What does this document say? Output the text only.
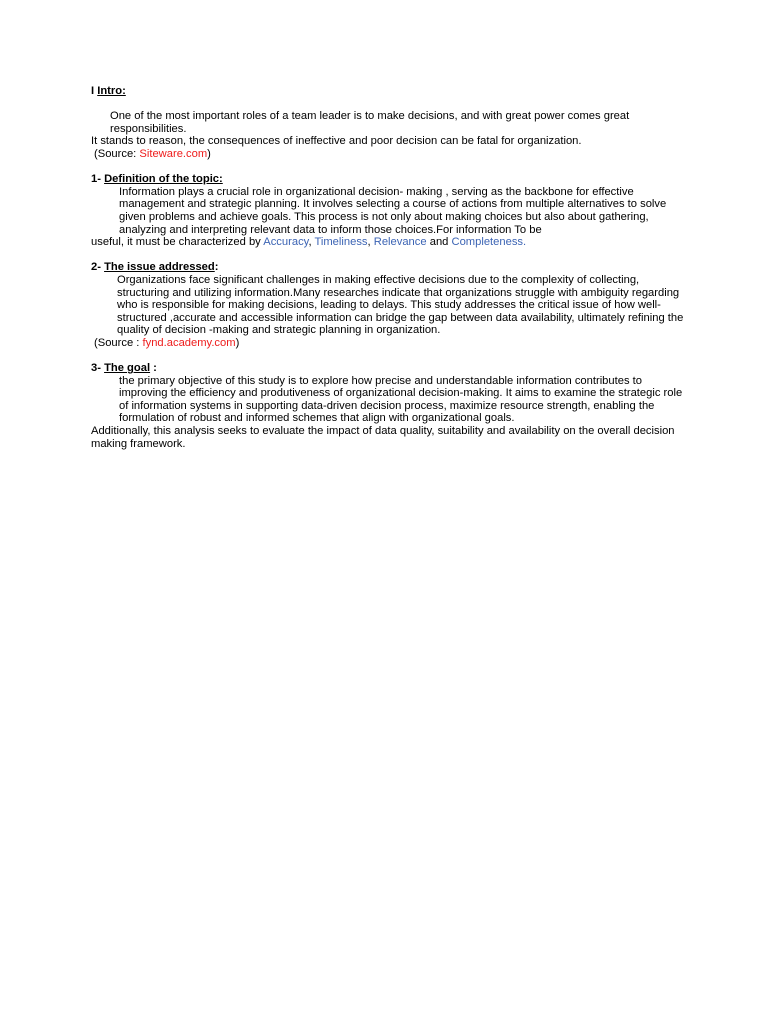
I Intro:

One of the most important roles of a team leader is to make decisions, and with great power comes great responsibilities.

It stands to reason, the consequences of ineffective and poor decision can be fatal for organization.

(Source: Siteware.com)

1- Definition of the topic:

Information plays a crucial role in organizational decision- making , serving as the backbone for effective management and strategic planning. It involves selecting a course of actions from multiple alternatives to solve given problems and achieve goals. This process is not only about making choices but also about gathering, analyzing and interpreting relevant data to inform those choices.For information To be

useful, it must be characterized by Accuracy, Timeliness, Relevance and Completeness.

2- The issue addressed:

Organizations face significant challenges in making effective decisions due to the complexity of collecting, structuring and utilizing information.Many researches indicate that organizations struggle with ambiguity regarding who is responsible for making decisions, leading to delays. This study addresses the critical issue of how well-structured ,accurate and accessible information can bridge the gap between data availability, ultimately refining the quality of decision -making and strategic planning in organization.

(Source : fynd.academy.com)

3- The goal :

the primary objective of this study is to explore how precise and understandable information contributes to improving the efficiency and produtiveness of organizational decision-making. It aims to examine the strategic role of information systems in supporting data-driven decision process, maximize resource strength, enabling the formulation of robust and informed schemes that align with organizational goals.

Additionally, this analysis seeks to evaluate the impact of data quality, suitability and availability on the overall decision making framework.
